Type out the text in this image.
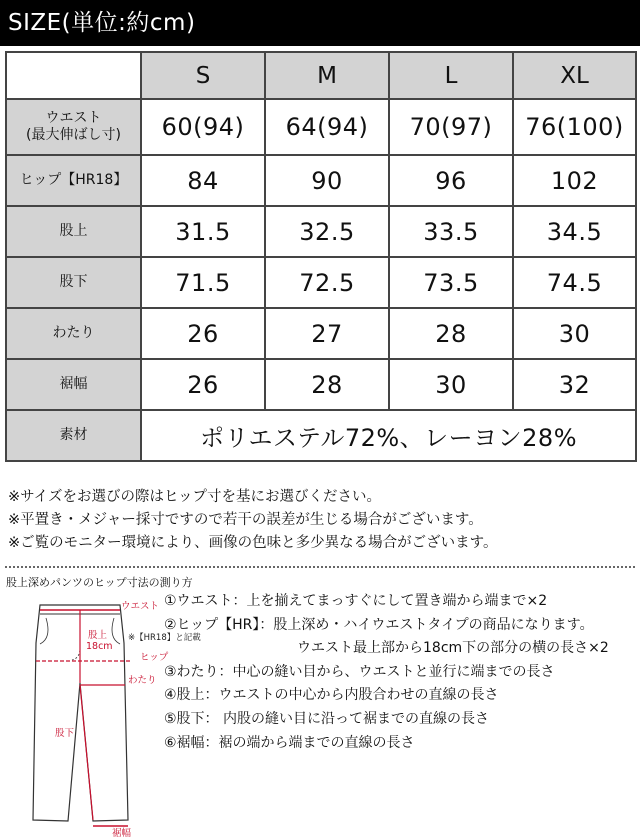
SIZE(単位:約cm)
	S	M	L	XL

ウエスト
(最大伸ばし寸)	60(94)	64(94)	70(97)	76(100)
ヒップ【HR18】	84	90	96	102
股上	31.5	32.5	33.5	34.5
股下	71.5	72.5	73.5	74.5
わたり	26	27	28	30
裾幅	26	28	30	32
素材	ポリエステル72%、レーヨン28%			
※サイズをお選びの際はヒップ寸を基にお選びください。
※平置き・メジャー採寸ですので若干の誤差が生じる場合がございます。
※ご覧のモニター環境により、画像の色味と多少異なる場合がございます。
股上深めパンツのヒップ寸法の測り方
ウエスト
股上
18cm
※【HR18】と記載
ヒップ
わたり
股下
裾幅
①ウエスト：上を揃えてまっすぐにして置き端から端まで×2
②ヒップ【HR】：股上深め・ハイウエストタイプの商品になります。
ウエスト最上部から18cm下の部分の横の長さ×2
③わたり：中心の縫い目から、ウエストと並行に端までの長さ
④股上：ウエストの中心から内股合わせの直線の長さ
⑤股下： 内股の縫い目に沿って裾までの直線の長さ
⑥裾幅：裾の端から端までの直線の長さ
